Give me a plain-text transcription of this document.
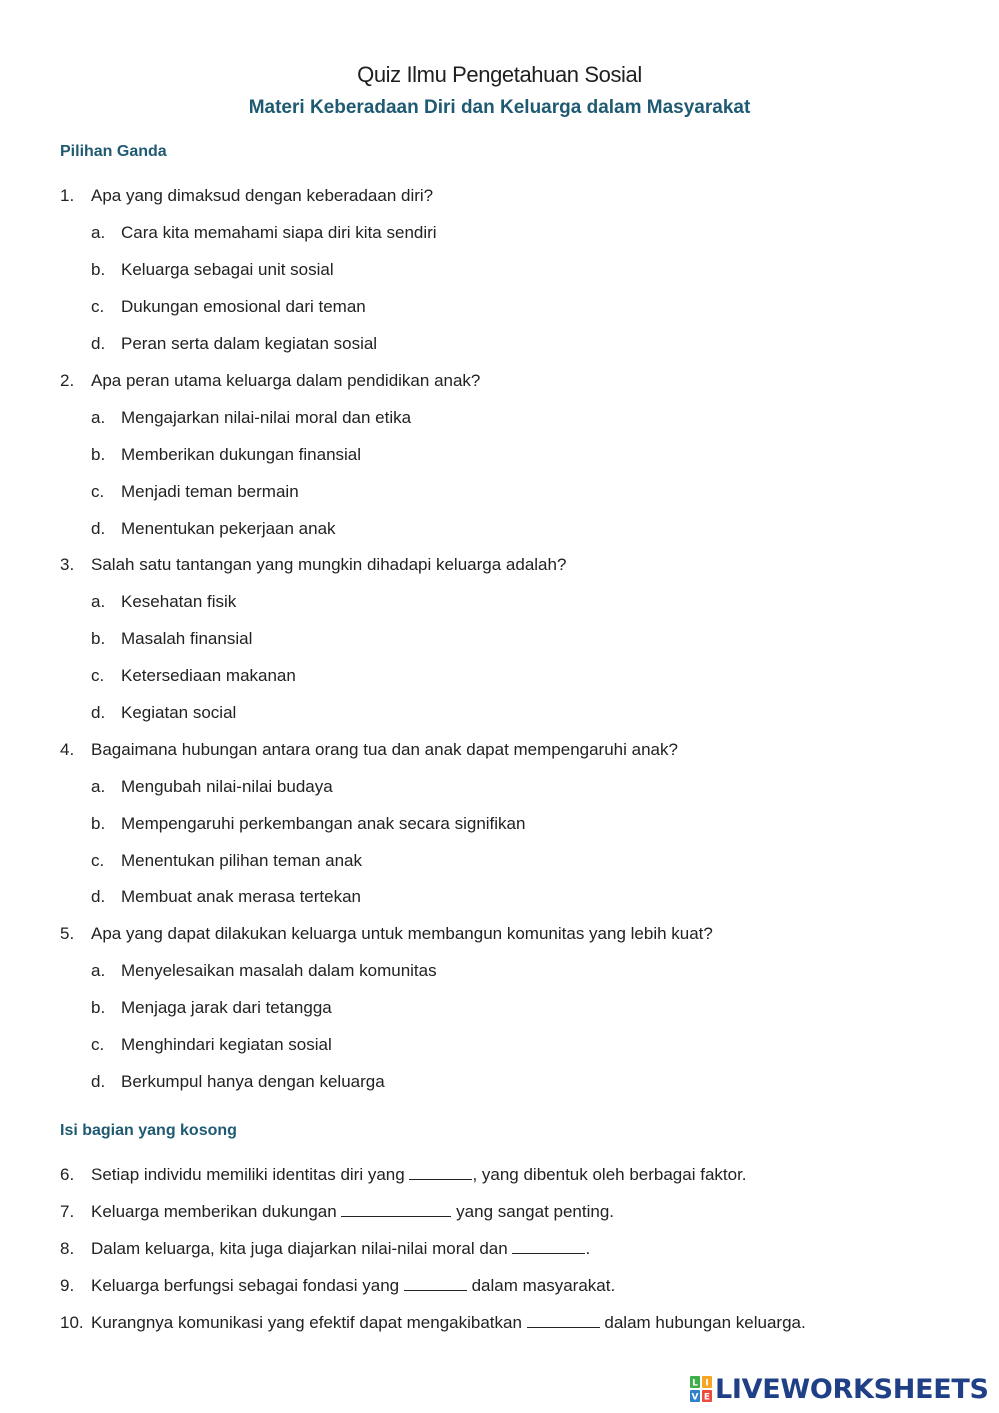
Quiz Ilmu Pengetahuan Sosial
Materi Keberadaan Diri dan Keluarga dalam Masyarakat
Pilihan Ganda
1. Apa yang dimaksud dengan keberadaan diri?
a. Cara kita memahami siapa diri kita sendiri
b. Keluarga sebagai unit sosial
c. Dukungan emosional dari teman
d. Peran serta dalam kegiatan sosial
2. Apa peran utama keluarga dalam pendidikan anak?
a. Mengajarkan nilai-nilai moral dan etika
b. Memberikan dukungan finansial
c. Menjadi teman bermain
d. Menentukan pekerjaan anak
3. Salah satu tantangan yang mungkin dihadapi keluarga adalah?
a. Kesehatan fisik
b. Masalah finansial
c. Ketersediaan makanan
d. Kegiatan social
4. Bagaimana hubungan antara orang tua dan anak dapat mempengaruhi anak?
a. Mengubah nilai-nilai budaya
b. Mempengaruhi perkembangan anak secara signifikan
c. Menentukan pilihan teman anak
d. Membuat anak merasa tertekan
5. Apa yang dapat dilakukan keluarga untuk membangun komunitas yang lebih kuat?
a. Menyelesaikan masalah dalam komunitas
b. Menjaga jarak dari tetangga
c. Menghindari kegiatan sosial
d. Berkumpul hanya dengan keluarga
Isi bagian yang kosong
6. Setiap individu memiliki identitas diri yang	, yang dibentuk oleh berbagai faktor.
7. Keluarga memberikan dukungan	yang sangat penting.
8. Dalam keluarga, kita juga diajarkan nilai-nilai moral dan	.
9. Keluarga berfungsi sebagai fondasi yang	dalam masyarakat.
10. Kurangnya komunikasi yang efektif dapat mengakibatkan	dalam hubungan keluarga.
L I
V E LIVEWORKSHEETS
